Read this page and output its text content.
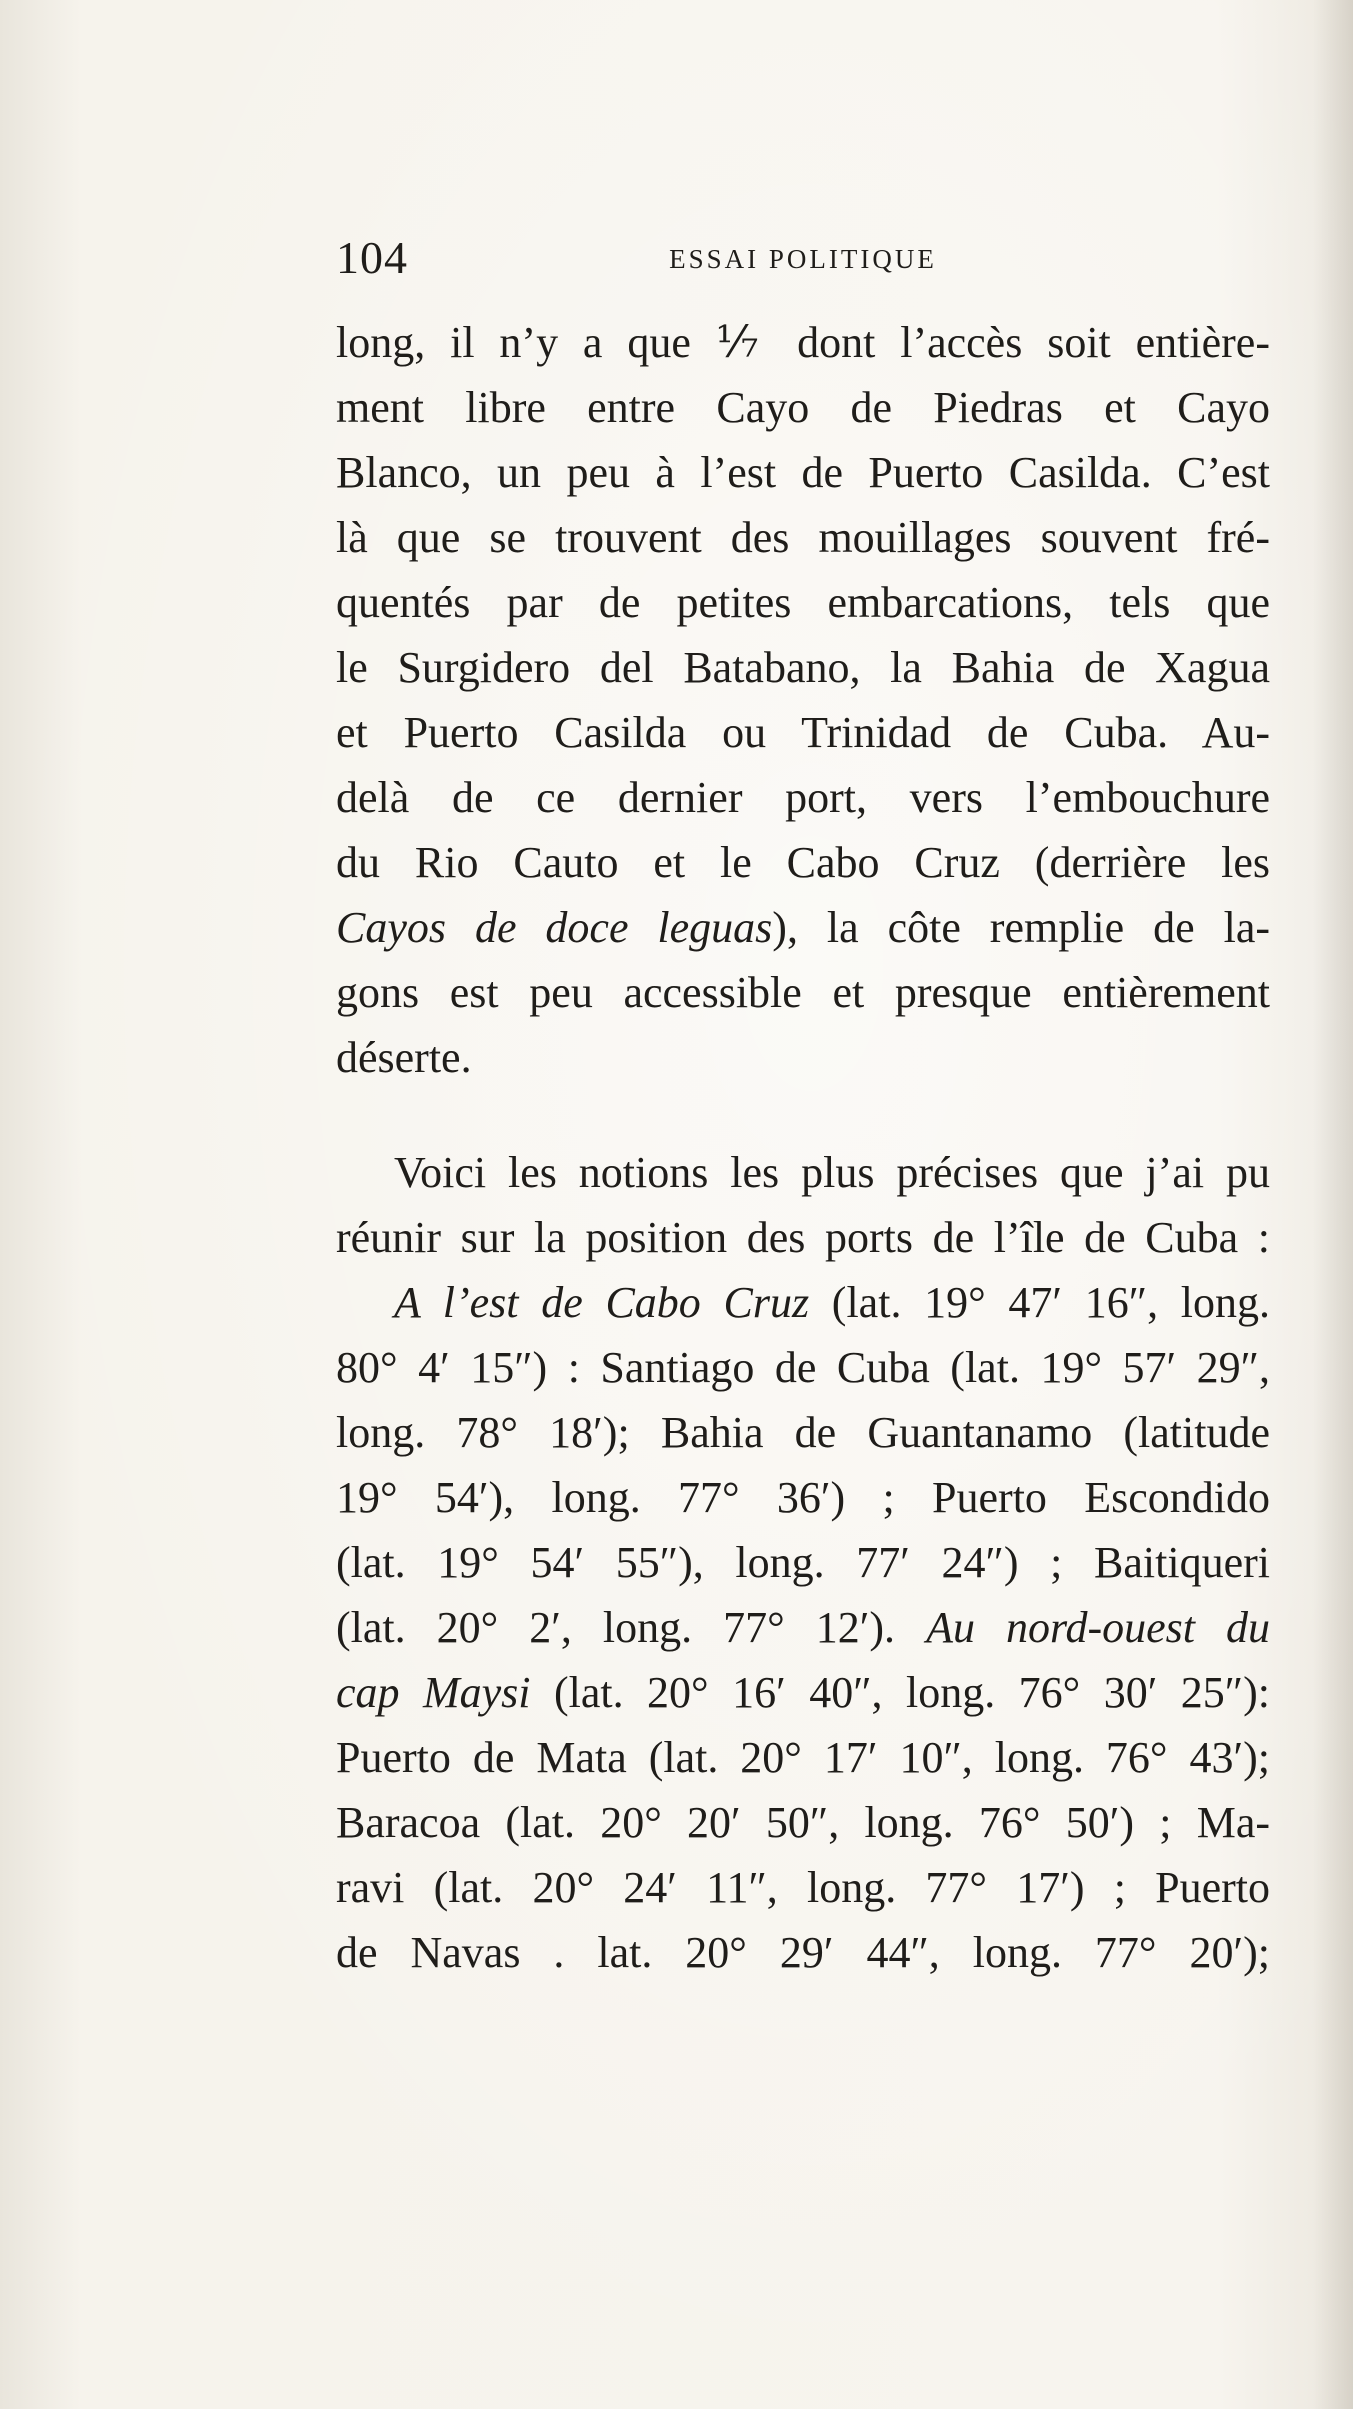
104	ESSAI POLITIQUE
long, il n’y a que ⅐ dont l’accès soit entière-
ment libre entre Cayo de Piedras et Cayo
Blanco, un peu à l’est de Puerto Casilda. C’est
là que se trouvent des mouillages souvent fré-
quentés par de petites embarcations, tels que
le Surgidero del Batabano, la Bahia de Xagua
et Puerto Casilda ou Trinidad de Cuba. Au-
delà de ce dernier port, vers l’embouchure
du Rio Cauto et le Cabo Cruz (derrière les
Cayos de doce leguas), la côte remplie de la-
gons est peu accessible et presque entièrement
déserte.
Voici les notions les plus précises que j’ai pu
réunir sur la position des ports de l’île de Cuba :
A l’est de Cabo Cruz (lat. 19° 47′ 16″, long.
80° 4′ 15″) : Santiago de Cuba (lat. 19° 57′ 29″,
long. 78° 18′); Bahia de Guantanamo (latitude
19° 54′), long. 77° 36′) ; Puerto Escondido
(lat. 19° 54′ 55″), long. 77′ 24″) ; Baitiqueri
(lat. 20° 2′, long. 77° 12′). Au nord-ouest du
cap Maysi (lat. 20° 16′ 40″, long. 76° 30′ 25″):
Puerto de Mata (lat. 20° 17′ 10″, long. 76° 43′);
Baracoa (lat. 20° 20′ 50″, long. 76° 50′) ; Ma-
ravi (lat. 20° 24′ 11″, long. 77° 17′) ; Puerto
de Navas . lat. 20° 29′ 44″, long. 77° 20′);
